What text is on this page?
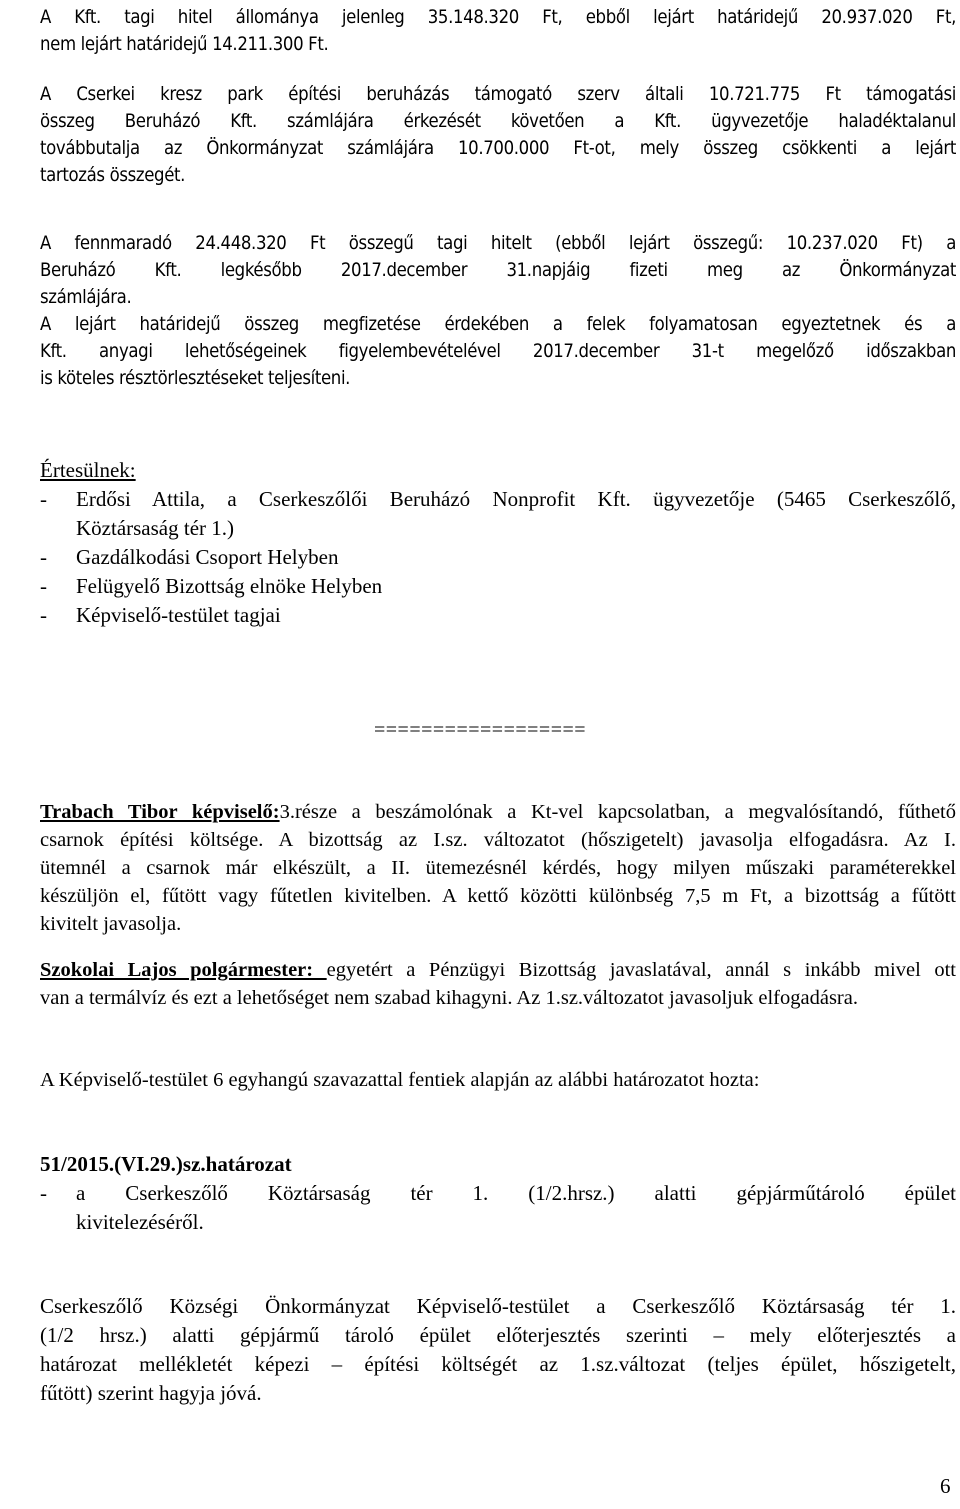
A Kft. tagi hitel állománya jelenleg 35.148.320 Ft, ebből lejárt határidejű 20.937.020 Ft,
nem lejárt határidejű 14.211.300 Ft.
A Cserkei kresz park építési beruházás támogató szerv általi 10.721.775 Ft támogatási
összeg Beruházó Kft. számlájára érkezését követően a Kft. ügyvezetője haladéktalanul
továbbutalja az Önkormányzat számlájára 10.700.000 Ft-ot, mely összeg csökkenti a lejárt
tartozás összegét.
A fennmaradó 24.448.320 Ft összegű tagi hitelt (ebből lejárt összegű: 10.237.020 Ft) a
Beruházó Kft. legkésőbb 2017.december 31.napjáig fizeti meg az Önkormányzat
számlájára.
A lejárt határidejű összeg megfizetése érdekében a felek folyamatosan egyeztetnek és a
Kft. anyagi lehetőségeinek figyelembevételével 2017.december 31-t megelőző időszakban
is köteles résztörlesztéseket teljesíteni.
Értesülnek:
- Erdősi Attila, a Cserkeszőlői Beruházó Nonprofit Kft. ügyvezetője (5465 Cserkeszőlő,
Köztársaság tér 1.)
- Gazdálkodási Csoport Helyben
- Felügyelő Bizottság elnöke Helyben
- Képviselő-testület tagjai
==================
Trabach Tibor képviselő:3.része a beszámolónak a Kt-vel kapcsolatban, a megvalósítandó, fűthető
csarnok építési költsége. A bizottság az I.sz. változatot (hőszigetelt) javasolja elfogadásra. Az I.
ütemnél a csarnok már elkészült, a II. ütemezésnél kérdés, hogy milyen műszaki paraméterekkel
készüljön el, fűtött vagy fűtetlen kivitelben. A kettő közötti különbség 7,5 m Ft, a bizottság a fűtött
kivitelt javasolja.
Szokolai Lajos polgármester: egyetért a Pénzügyi Bizottság javaslatával, annál s inkább mivel ott
van a termálvíz és ezt a lehetőséget nem szabad kihagyni. Az 1.sz.változatot javasoljuk elfogadásra.
A Képviselő-testület 6 egyhangú szavazattal fentiek alapján az alábbi határozatot hozta:
51/2015.(VI.29.)sz.határozat
- a Cserkeszőlő Köztársaság tér 1. (1/2.hrsz.) alatti gépjárműtároló épület
kivitelezéséről.
Cserkeszőlő Községi Önkormányzat Képviselő-testület a Cserkeszőlő Köztársaság tér 1.
(1/2 hrsz.) alatti gépjármű tároló épület előterjesztés szerinti – mely előterjesztés a
határozat mellékletét képezi – építési költségét az 1.sz.változat (teljes épület, hőszigetelt,
fűtött) szerint hagyja jóvá.
6
